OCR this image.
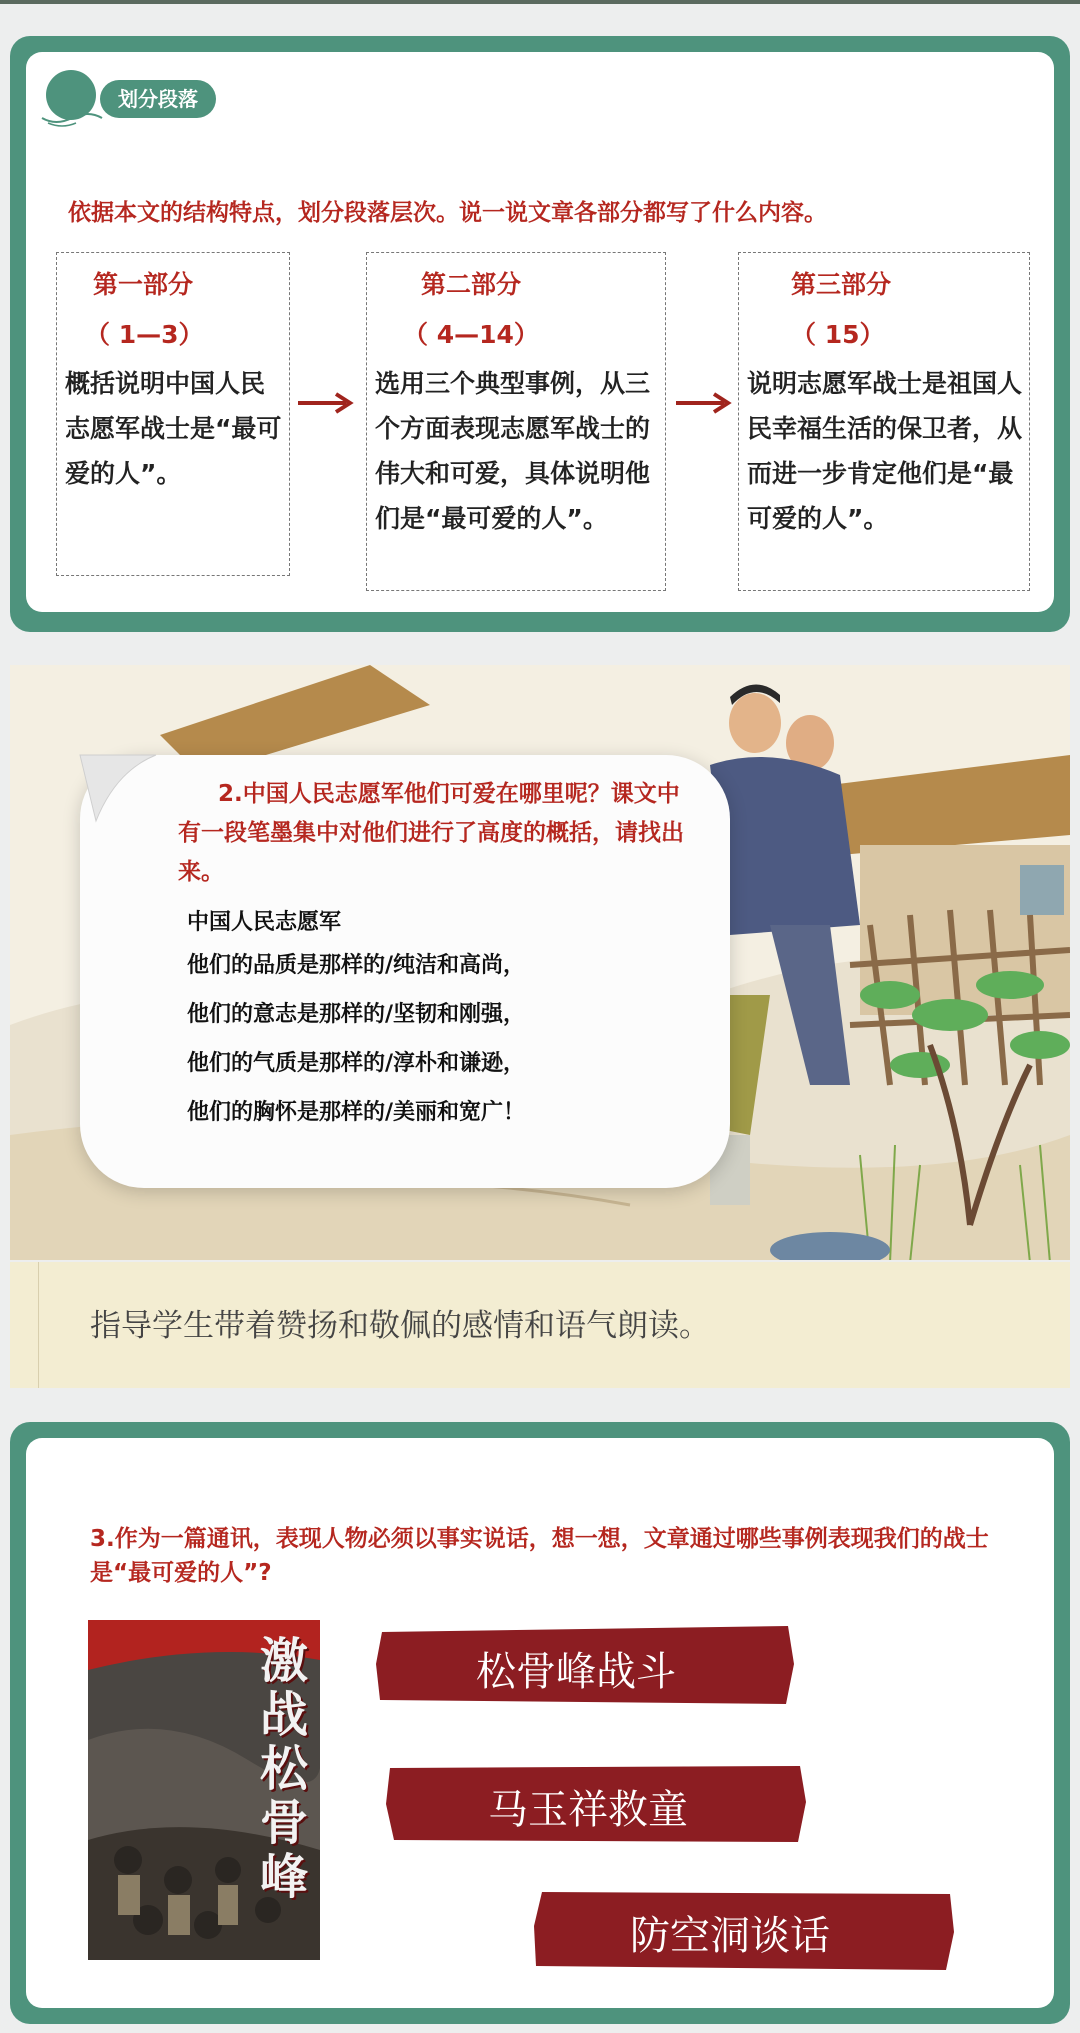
划分段落
依据本文的结构特点，划分段落层次。说一说文章各部分都写了什么内容。
第一部分
（ 1—3）
概括说明中国人民志愿军战士是“最可爱的人”。
第二部分
（ 4—14）
选用三个典型事例，从三个方面表现志愿军战士的伟大和可爱，具体说明他们是“最可爱的人”。
第三部分
（ 15）
说明志愿军战士是祖国人民幸福生活的保卫者，从而进一步肯定他们是“最可爱的人”。
2.中国人民志愿军他们可爱在哪里呢？课文中有一段笔墨集中对他们进行了高度的概括，请找出来。
中国人民志愿军
他们的品质是那样的/纯洁和高尚，
他们的意志是那样的/坚韧和刚强，
他们的气质是那样的/淳朴和谦逊，
他们的胸怀是那样的/美丽和宽广！
指导学生带着赞扬和敬佩的感情和语气朗读。
3.作为一篇通讯，表现人物必须以事实说话，想一想，文章通过哪些事例表现我们的战士是“最可爱的人”?
激战松骨峰
松骨峰战斗
马玉祥救童
防空洞谈话
